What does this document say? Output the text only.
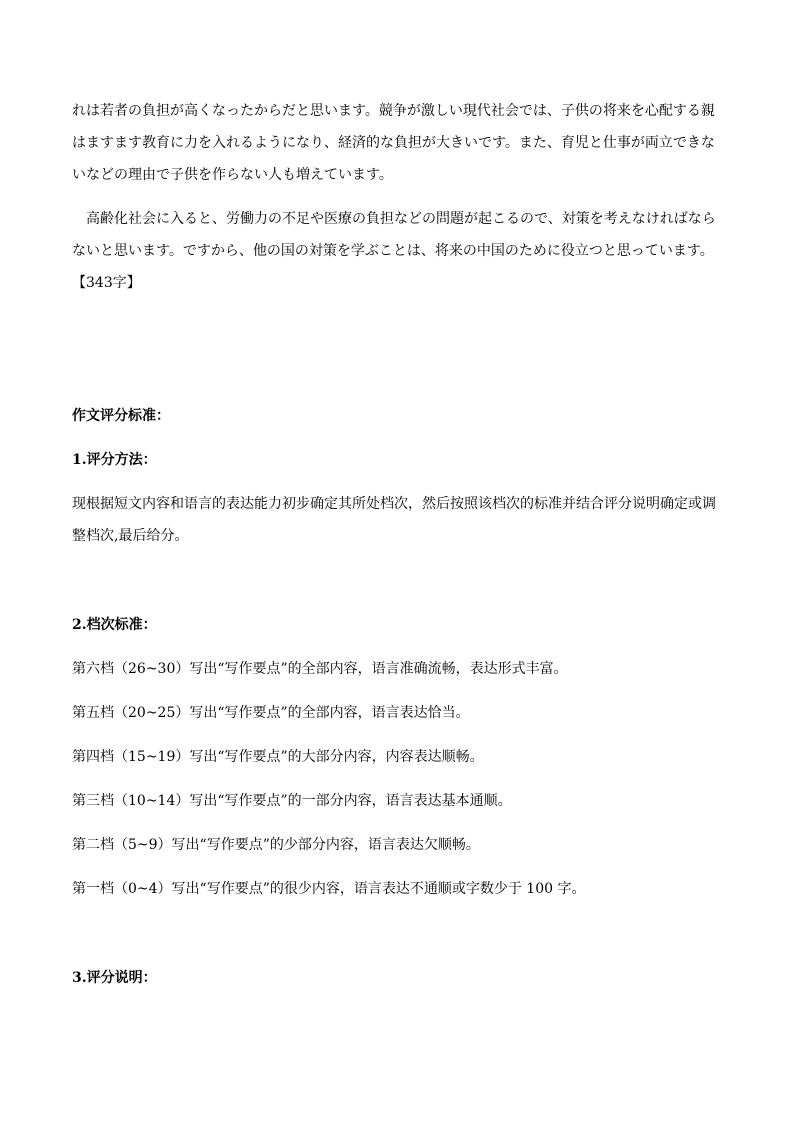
れは若者の負担が高くなったからだと思います。競争が激しい現代社会では、子供の将来を心配する親
はますます教育に力を入れるようになり、経済的な負担が大きいです。また、育児と仕事が両立できな
いなどの理由で子供を作らない人も増えています。
高齢化社会に入ると、労働力の不足や医療の負担などの問題が起こるので、対策を考えなければなら
ないと思います。ですから、他の国の対策を学ぶことは、将来の中国のために役立つと思っています。
【343字】
作文评分标准：
1.评分方法：
现根据短文内容和语言的表达能力初步确定其所处档次，然后按照该档次的标准并结合评分说明确定或调
整档次,最后给分。
2.档次标准：
第六档（26~30）写出“写作要点”的全部内容，语言准确流畅，表达形式丰富。
第五档（20~25）写出“写作要点”的全部内容，语言表达恰当。
第四档（15~19）写出“写作要点”的大部分内容，内容表达顺畅。
第三档（10~14）写出“写作要点”的一部分内容，语言表达基本通顺。
第二档（5~9）写出“写作要点”的少部分内容，语言表达欠顺畅。
第一档（0~4）写出“写作要点”的很少内容，语言表达不通顺或字数少于 100 字。
3.评分说明：
